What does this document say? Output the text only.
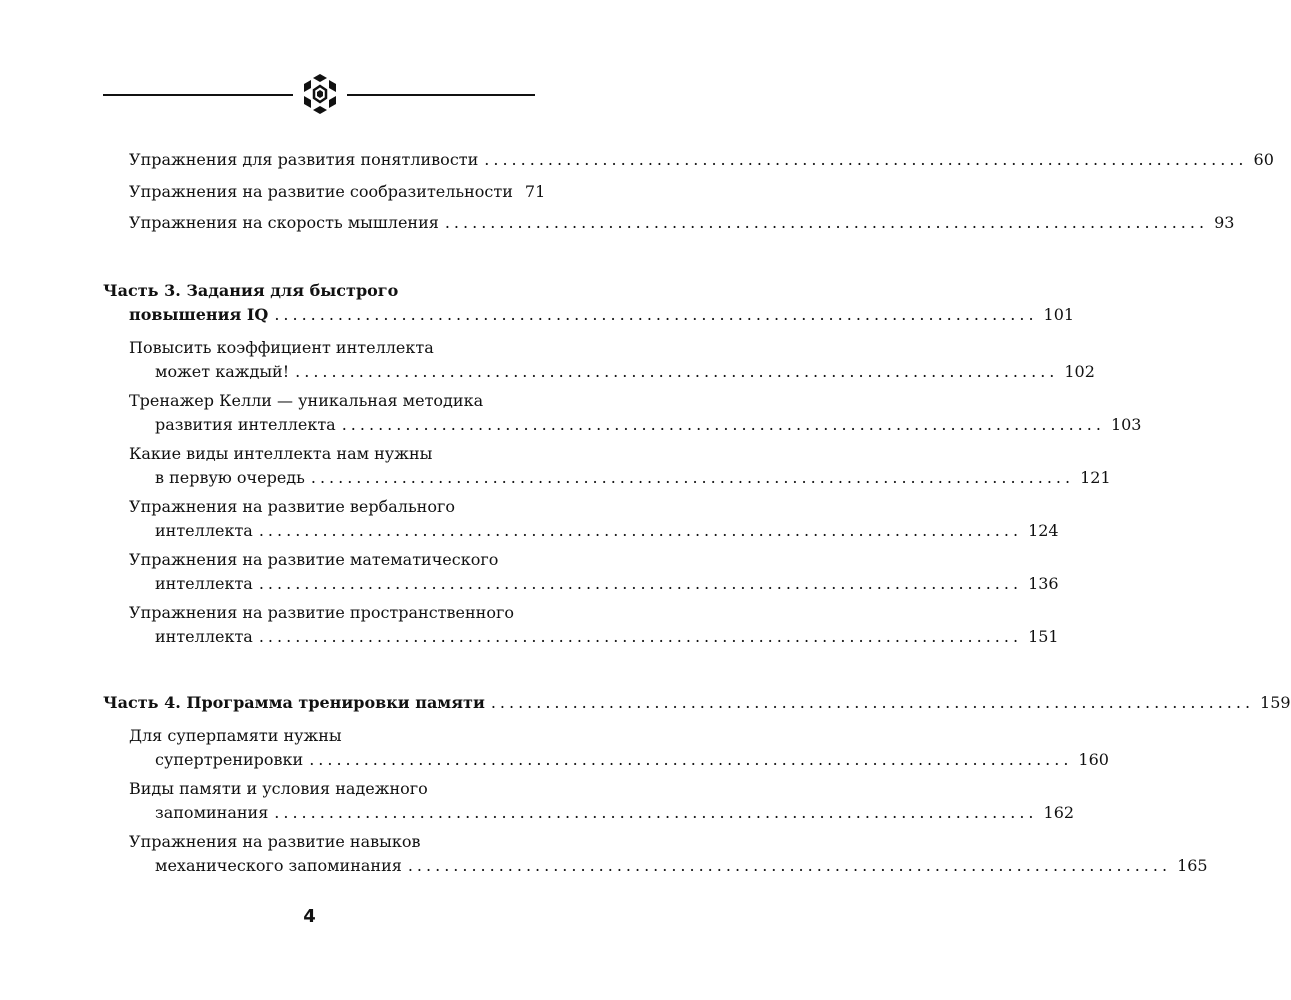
Упражнения для развития понятливости .................................................................................... 60
Упражнения на развитие сообразительности 71
Упражнения на скорость мышления .................................................................................... 93
Часть 3. Задания для быстрого
повышения IQ .................................................................................... 101
Повысить коэффициент интеллекта
может каждый! .................................................................................... 102
Тренажер Келли — уникальная методика
развития интеллекта .................................................................................... 103
Какие виды интеллекта нам нужны
в первую очередь .................................................................................... 121
Упражнения на развитие вербального
интеллекта .................................................................................... 124
Упражнения на развитие математического
интеллекта .................................................................................... 136
Упражнения на развитие пространственного
интеллекта .................................................................................... 151
Часть 4. Программа тренировки памяти .................................................................................... 159
Для суперпамяти нужны
супертренировки .................................................................................... 160
Виды памяти и условия надежного
запоминания .................................................................................... 162
Упражнения на развитие навыков
механического запоминания .................................................................................... 165
4
